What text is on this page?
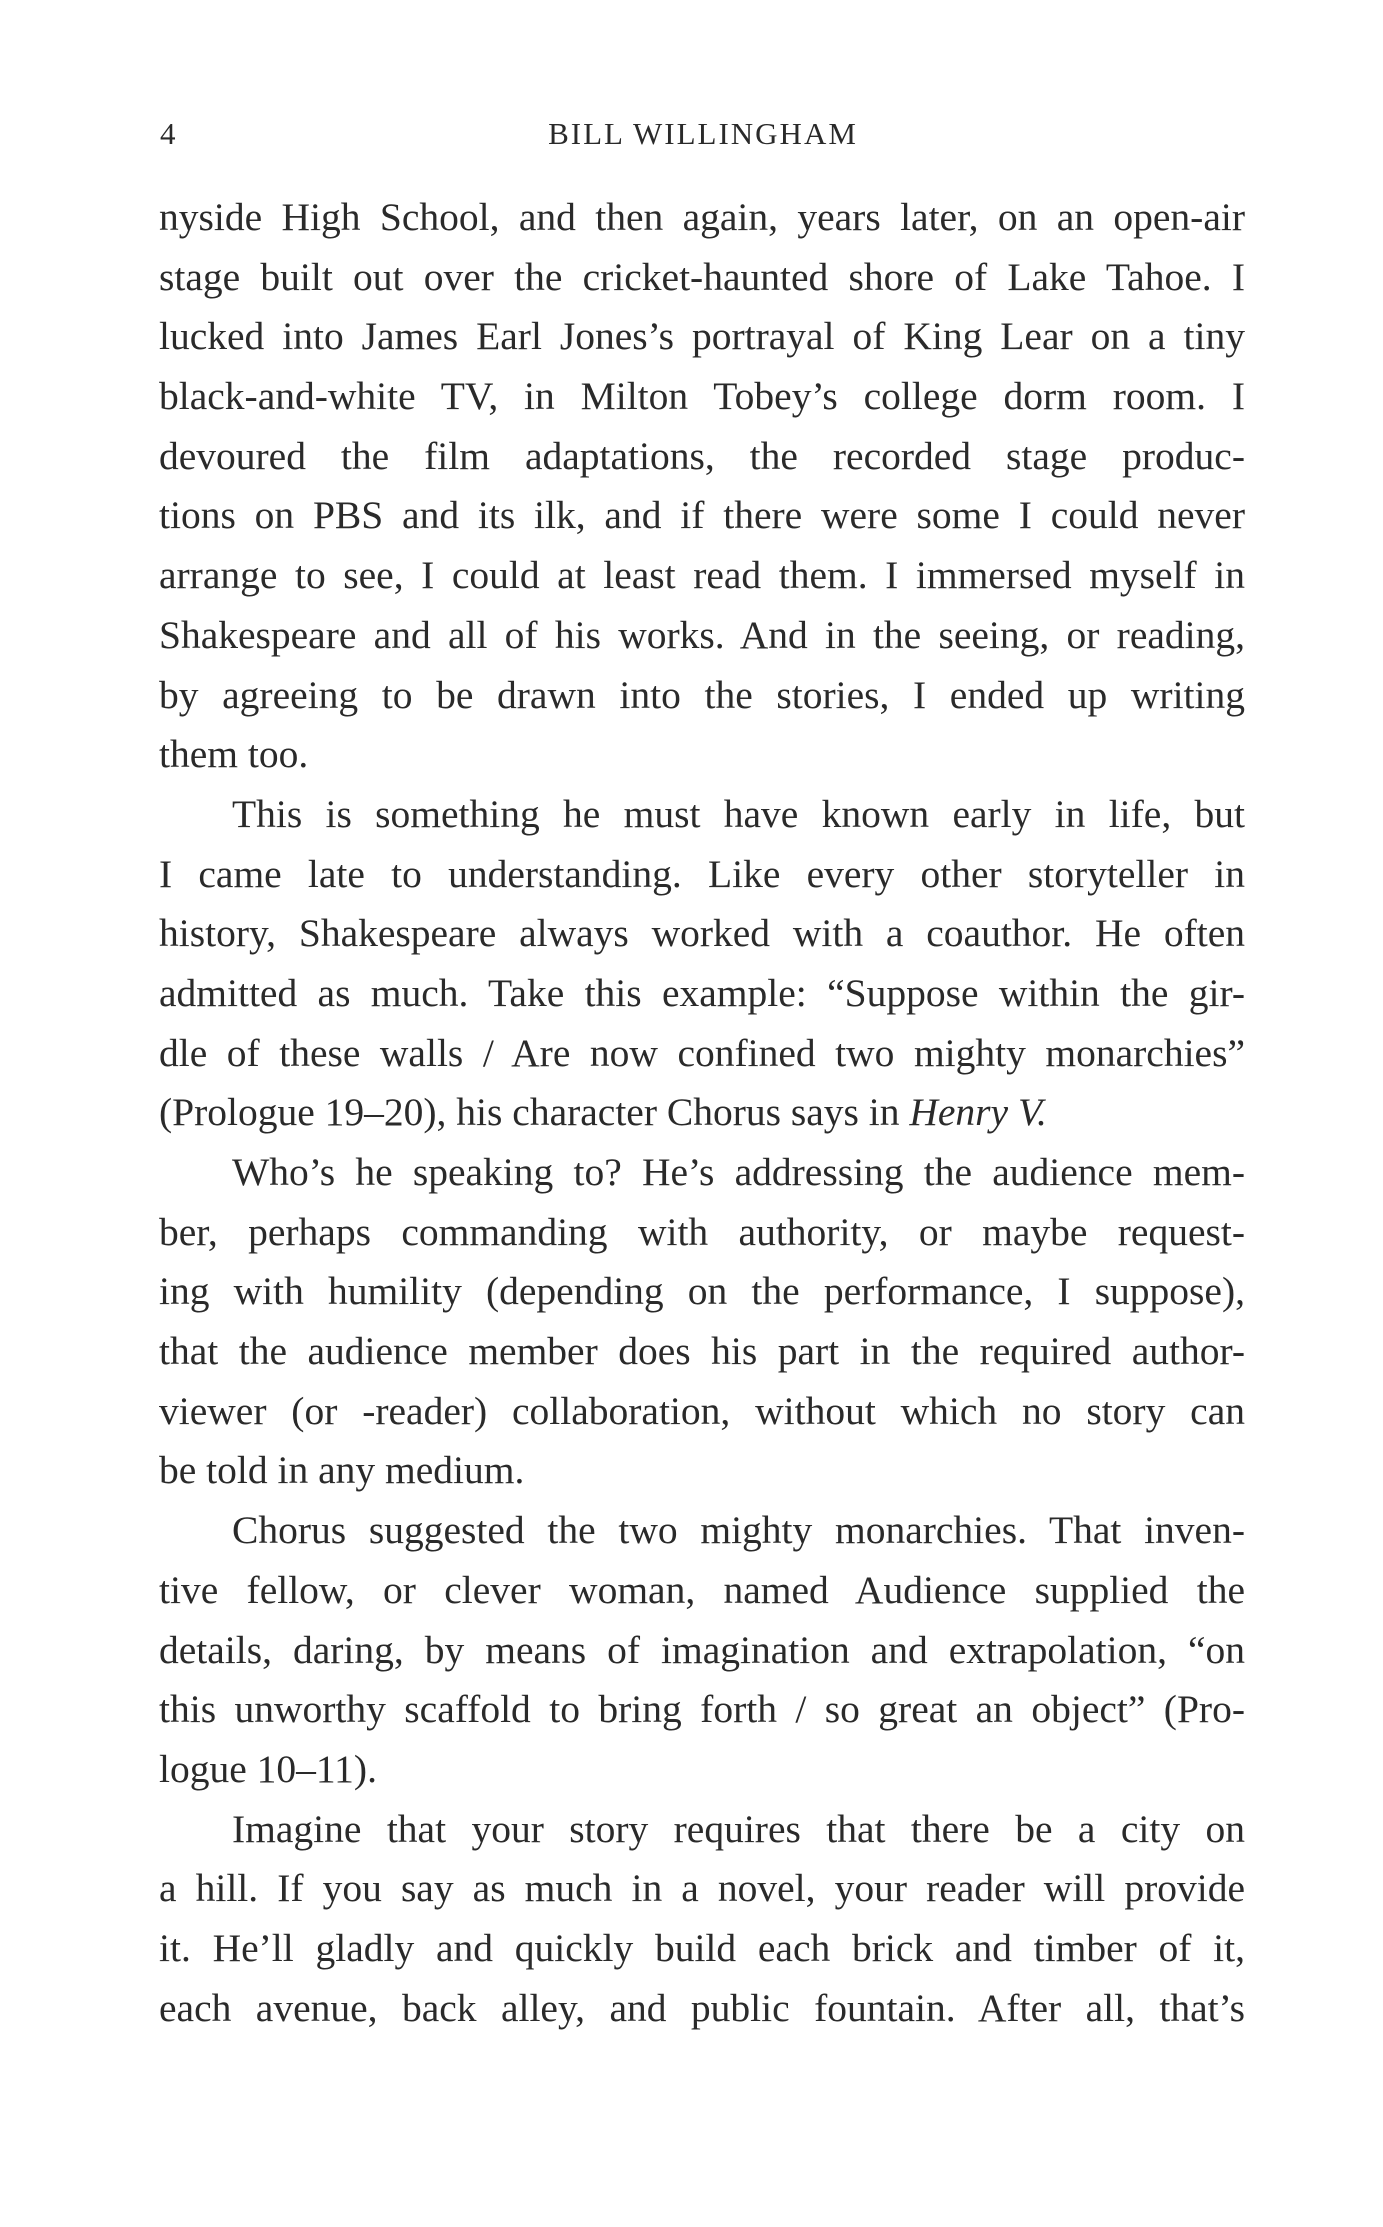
4	BILL WILLINGHAM
nyside High School, and then again, years later, on an open-air
stage built out over the cricket-haunted shore of Lake Tahoe. I
lucked into James Earl Jones’s portrayal of King Lear on a tiny
black-and-white TV, in Milton Tobey’s college dorm room. I
devoured the film adaptations, the recorded stage produc-
tions on PBS and its ilk, and if there were some I could never
arrange to see, I could at least read them. I immersed myself in
Shakespeare and all of his works. And in the seeing, or reading,
by agreeing to be drawn into the stories, I ended up writing
them too.
This is something he must have known early in life, but
I came late to understanding. Like every other storyteller in
history, Shakespeare always worked with a coauthor. He often
admitted as much. Take this example: “Suppose within the gir-
dle of these walls / Are now confined two mighty monarchies”
(Prologue 19–20), his character Chorus says in Henry V.
Who’s he speaking to? He’s addressing the audience mem-
ber, perhaps commanding with authority, or maybe request-
ing with humility (depending on the performance, I suppose),
that the audience member does his part in the required author-
viewer (or -reader) collaboration, without which no story can
be told in any medium.
Chorus suggested the two mighty monarchies. That inven-
tive fellow, or clever woman, named Audience supplied the
details, daring, by means of imagination and extrapolation, “on
this unworthy scaffold to bring forth / so great an object” (Pro-
logue 10–11).
Imagine that your story requires that there be a city on
a hill. If you say as much in a novel, your reader will provide
it. He’ll gladly and quickly build each brick and timber of it,
each avenue, back alley, and public fountain. After all, that’s
